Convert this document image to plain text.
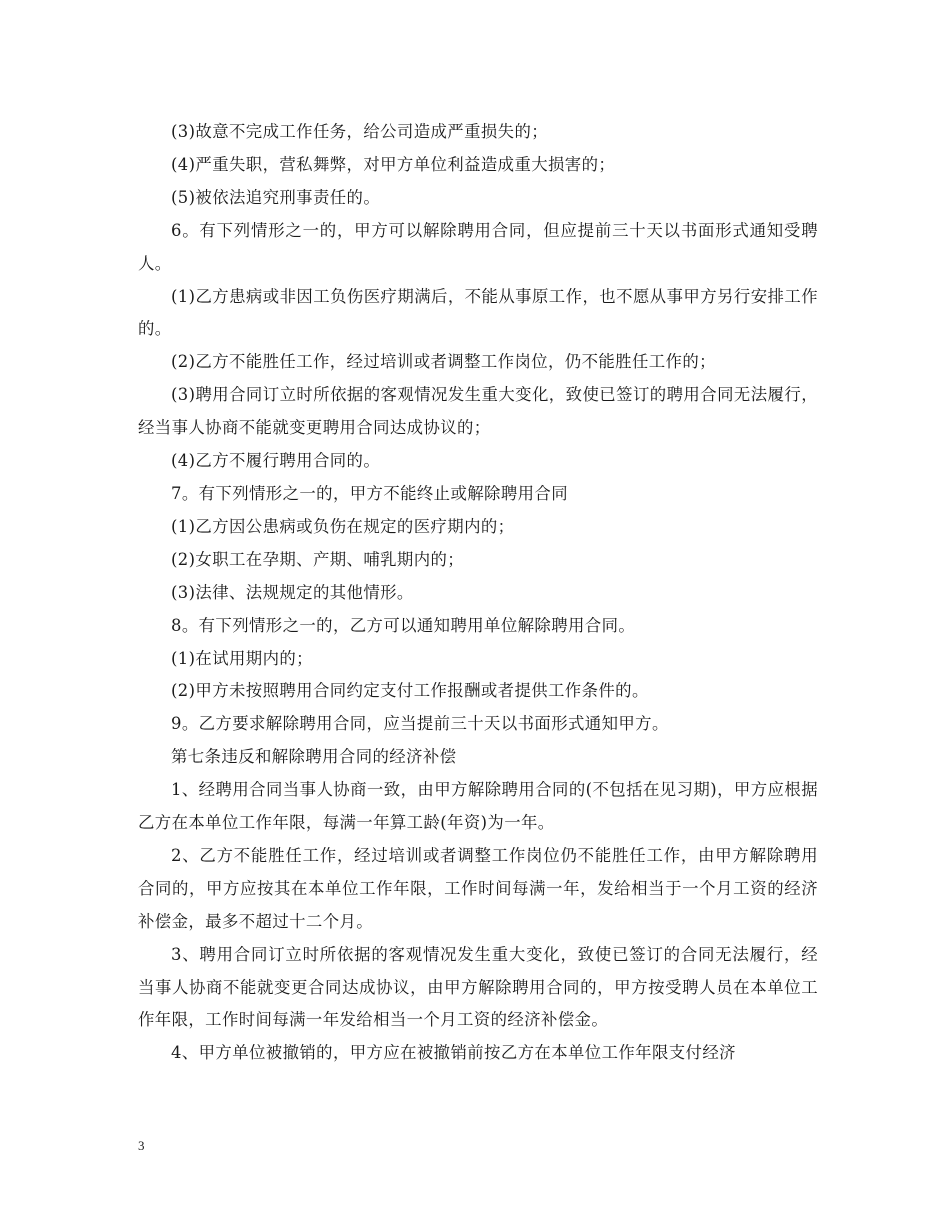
(3)故意不完成工作任务，给公司造成严重损失的；

(4)严重失职，营私舞弊，对甲方单位利益造成重大损害的；

(5)被依法追究刑事责任的。

6。有下列情形之一的，甲方可以解除聘用合同，但应提前三十天以书面形式通知受聘人。

(1)乙方患病或非因工负伤医疗期满后，不能从事原工作，也不愿从事甲方另行安排工作的。

(2)乙方不能胜任工作，经过培训或者调整工作岗位，仍不能胜任工作的；

(3)聘用合同订立时所依据的客观情况发生重大变化，致使已签订的聘用合同无法履行，经当事人协商不能就变更聘用合同达成协议的；

(4)乙方不履行聘用合同的。

7。有下列情形之一的，甲方不能终止或解除聘用合同

(1)乙方因公患病或负伤在规定的医疗期内的；

(2)女职工在孕期、产期、哺乳期内的；

(3)法律、法规规定的其他情形。

8。有下列情形之一的，乙方可以通知聘用单位解除聘用合同。

(1)在试用期内的；

(2)甲方未按照聘用合同约定支付工作报酬或者提供工作条件的。

9。乙方要求解除聘用合同，应当提前三十天以书面形式通知甲方。

第七条违反和解除聘用合同的经济补偿

1、经聘用合同当事人协商一致，由甲方解除聘用合同的(不包括在见习期)，甲方应根据乙方在本单位工作年限，每满一年算工龄(年资)为一年。

2、乙方不能胜任工作，经过培训或者调整工作岗位仍不能胜任工作，由甲方解除聘用合同的，甲方应按其在本单位工作年限，工作时间每满一年，发给相当于一个月工资的经济补偿金，最多不超过十二个月。

3、聘用合同订立时所依据的客观情况发生重大变化，致使已签订的合同无法履行，经当事人协商不能就变更合同达成协议，由甲方解除聘用合同的，甲方按受聘人员在本单位工作年限，工作时间每满一年发给相当一个月工资的经济补偿金。

4、甲方单位被撤销的，甲方应在被撤销前按乙方在本单位工作年限支付经济

3
